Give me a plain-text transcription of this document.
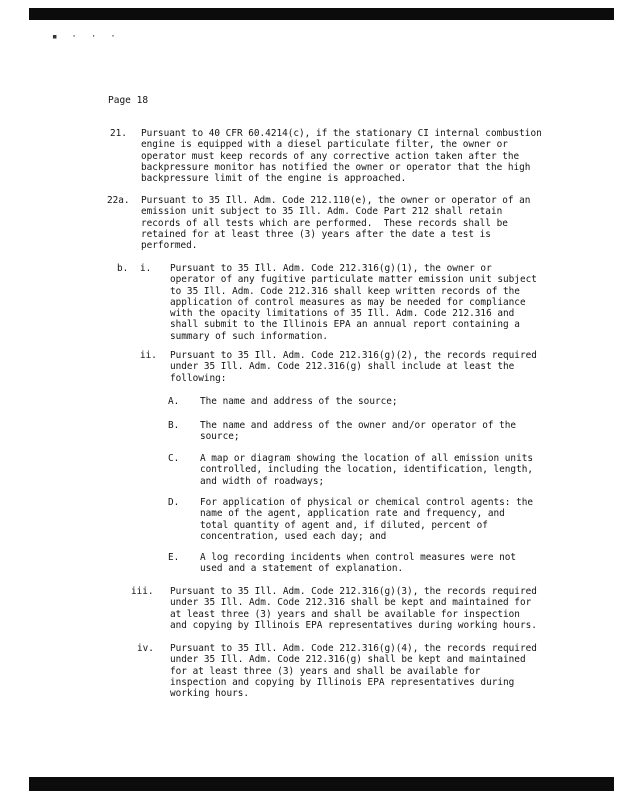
▪···
Page 18
21. Pursuant to 40 CFR 60.4214(c), if the stationary CI internal combustion
engine is equipped with a diesel particulate filter, the owner or
operator must keep records of any corrective action taken after the
backpressure monitor has notified the owner or operator that the high
backpressure limit of the engine is approached.
22a. Pursuant to 35 Ill. Adm. Code 212.110(e), the owner or operator of an
emission unit subject to 35 Ill. Adm. Code Part 212 shall retain
records of all tests which are performed.  These records shall be
retained for at least three (3) years after the date a test is
performed.
b. i. Pursuant to 35 Ill. Adm. Code 212.316(g)(1), the owner or
operator of any fugitive particulate matter emission unit subject
to 35 Ill. Adm. Code 212.316 shall keep written records of the
application of control measures as may be needed for compliance
with the opacity limitations of 35 Ill. Adm. Code 212.316 and
shall submit to the Illinois EPA an annual report containing a
summary of such information.
ii. Pursuant to 35 Ill. Adm. Code 212.316(g)(2), the records required
under 35 Ill. Adm. Code 212.316(g) shall include at least the
following:
A. The name and address of the source;
B. The name and address of the owner and/or operator of the
source;
C. A map or diagram showing the location of all emission units
controlled, including the location, identification, length,
and width of roadways;
D. For application of physical or chemical control agents: the
name of the agent, application rate and frequency, and
total quantity of agent and, if diluted, percent of
concentration, used each day; and
E. A log recording incidents when control measures were not
used and a statement of explanation.
iii. Pursuant to 35 Ill. Adm. Code 212.316(g)(3), the records required
under 35 Ill. Adm. Code 212.316 shall be kept and maintained for
at least three (3) years and shall be available for inspection
and copying by Illinois EPA representatives during working hours.
iv. Pursuant to 35 Ill. Adm. Code 212.316(g)(4), the records required
under 35 Ill. Adm. Code 212.316(g) shall be kept and maintained
for at least three (3) years and shall be available for
inspection and copying by Illinois EPA representatives during
working hours.
